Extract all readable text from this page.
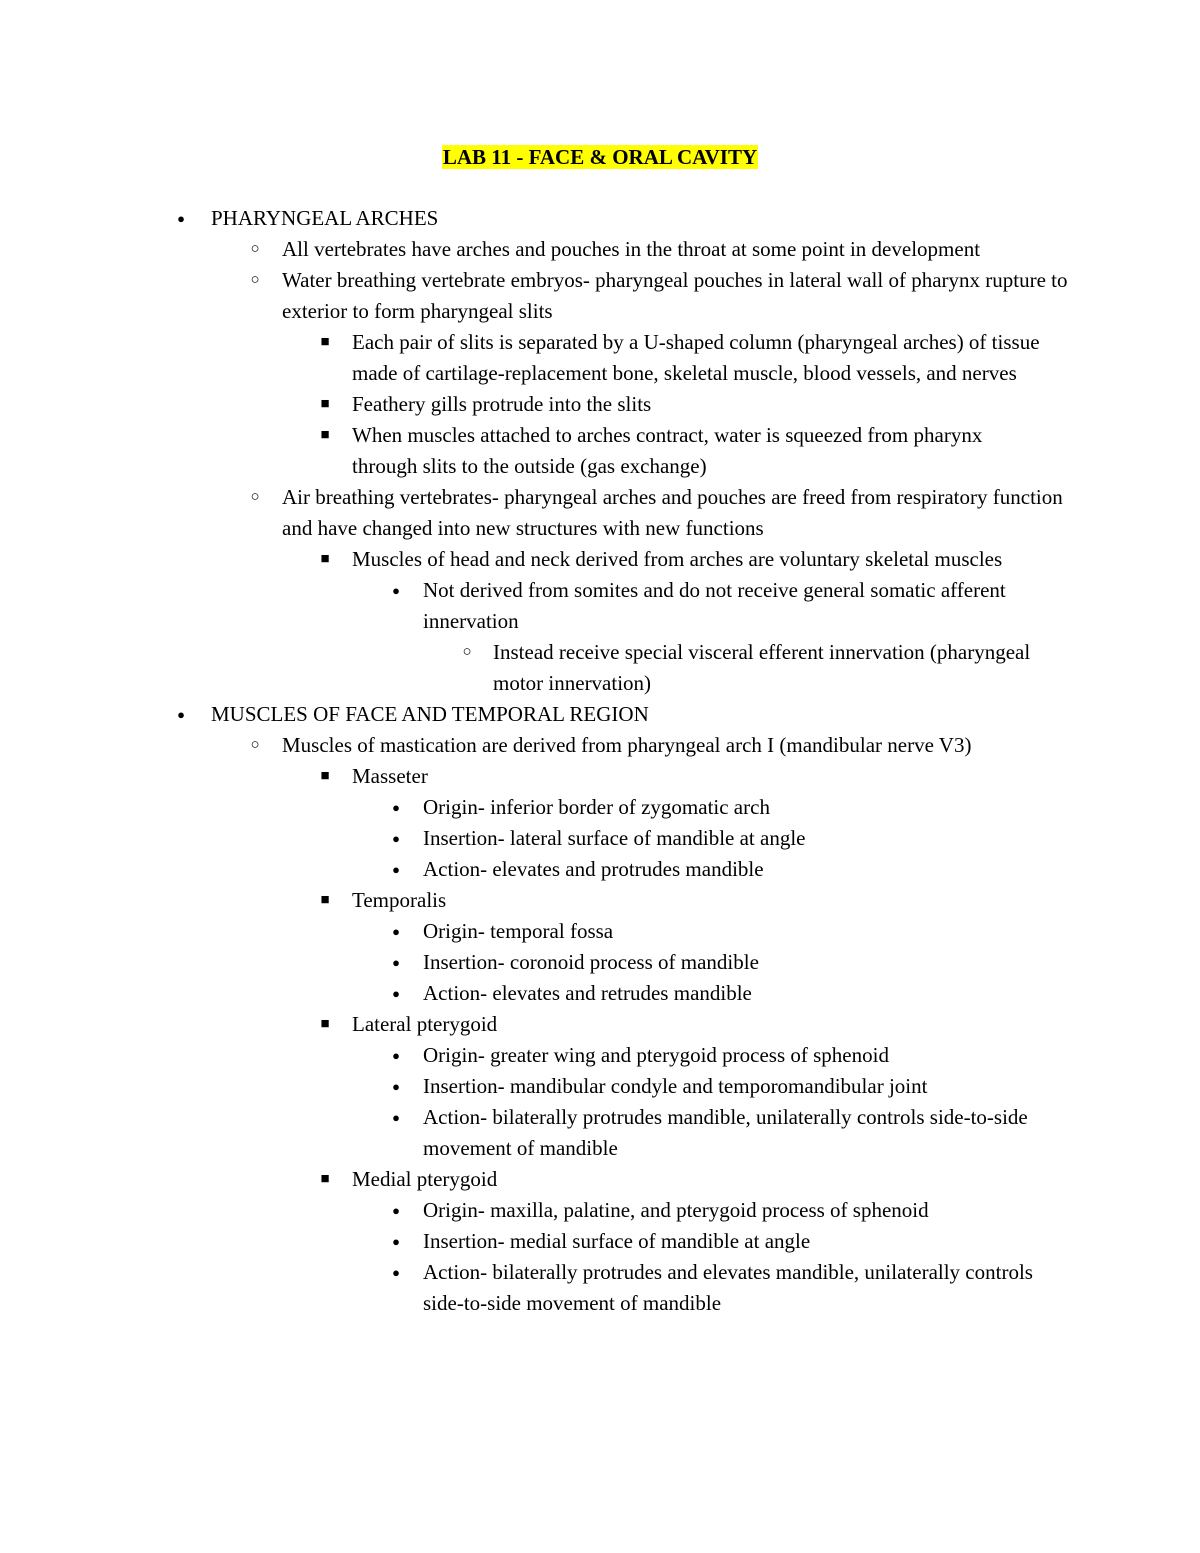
LAB 11 - FACE & ORAL CAVITY
● PHARYNGEAL ARCHES
○ All vertebrates have arches and pouches in the throat at some point in development
○ Water breathing vertebrate embryos- pharyngeal pouches in lateral wall of pharynx rupture to exterior to form pharyngeal slits
■ Each pair of slits is separated by a U-shaped column (pharyngeal arches) of tissue made of cartilage-replacement bone, skeletal muscle, blood vessels, and nerves
■ Feathery gills protrude into the slits
■ When muscles attached to arches contract, water is squeezed from pharynx through slits to the outside (gas exchange)
○ Air breathing vertebrates- pharyngeal arches and pouches are freed from respiratory function and have changed into new structures with new functions
■ Muscles of head and neck derived from arches are voluntary skeletal muscles
● Not derived from somites and do not receive general somatic afferent innervation
○ Instead receive special visceral efferent innervation (pharyngeal motor innervation)
● MUSCLES OF FACE AND TEMPORAL REGION
○ Muscles of mastication are derived from pharyngeal arch I (mandibular nerve V3)
■ Masseter
● Origin- inferior border of zygomatic arch
● Insertion- lateral surface of mandible at angle
● Action- elevates and protrudes mandible
■ Temporalis
● Origin- temporal fossa
● Insertion- coronoid process of mandible
● Action- elevates and retrudes mandible
■ Lateral pterygoid
● Origin- greater wing and pterygoid process of sphenoid
● Insertion- mandibular condyle and temporomandibular joint
● Action- bilaterally protrudes mandible, unilaterally controls side-to-side movement of mandible
■ Medial pterygoid
● Origin- maxilla, palatine, and pterygoid process of sphenoid
● Insertion- medial surface of mandible at angle
● Action- bilaterally protrudes and elevates mandible, unilaterally controls side-to-side movement of mandible
